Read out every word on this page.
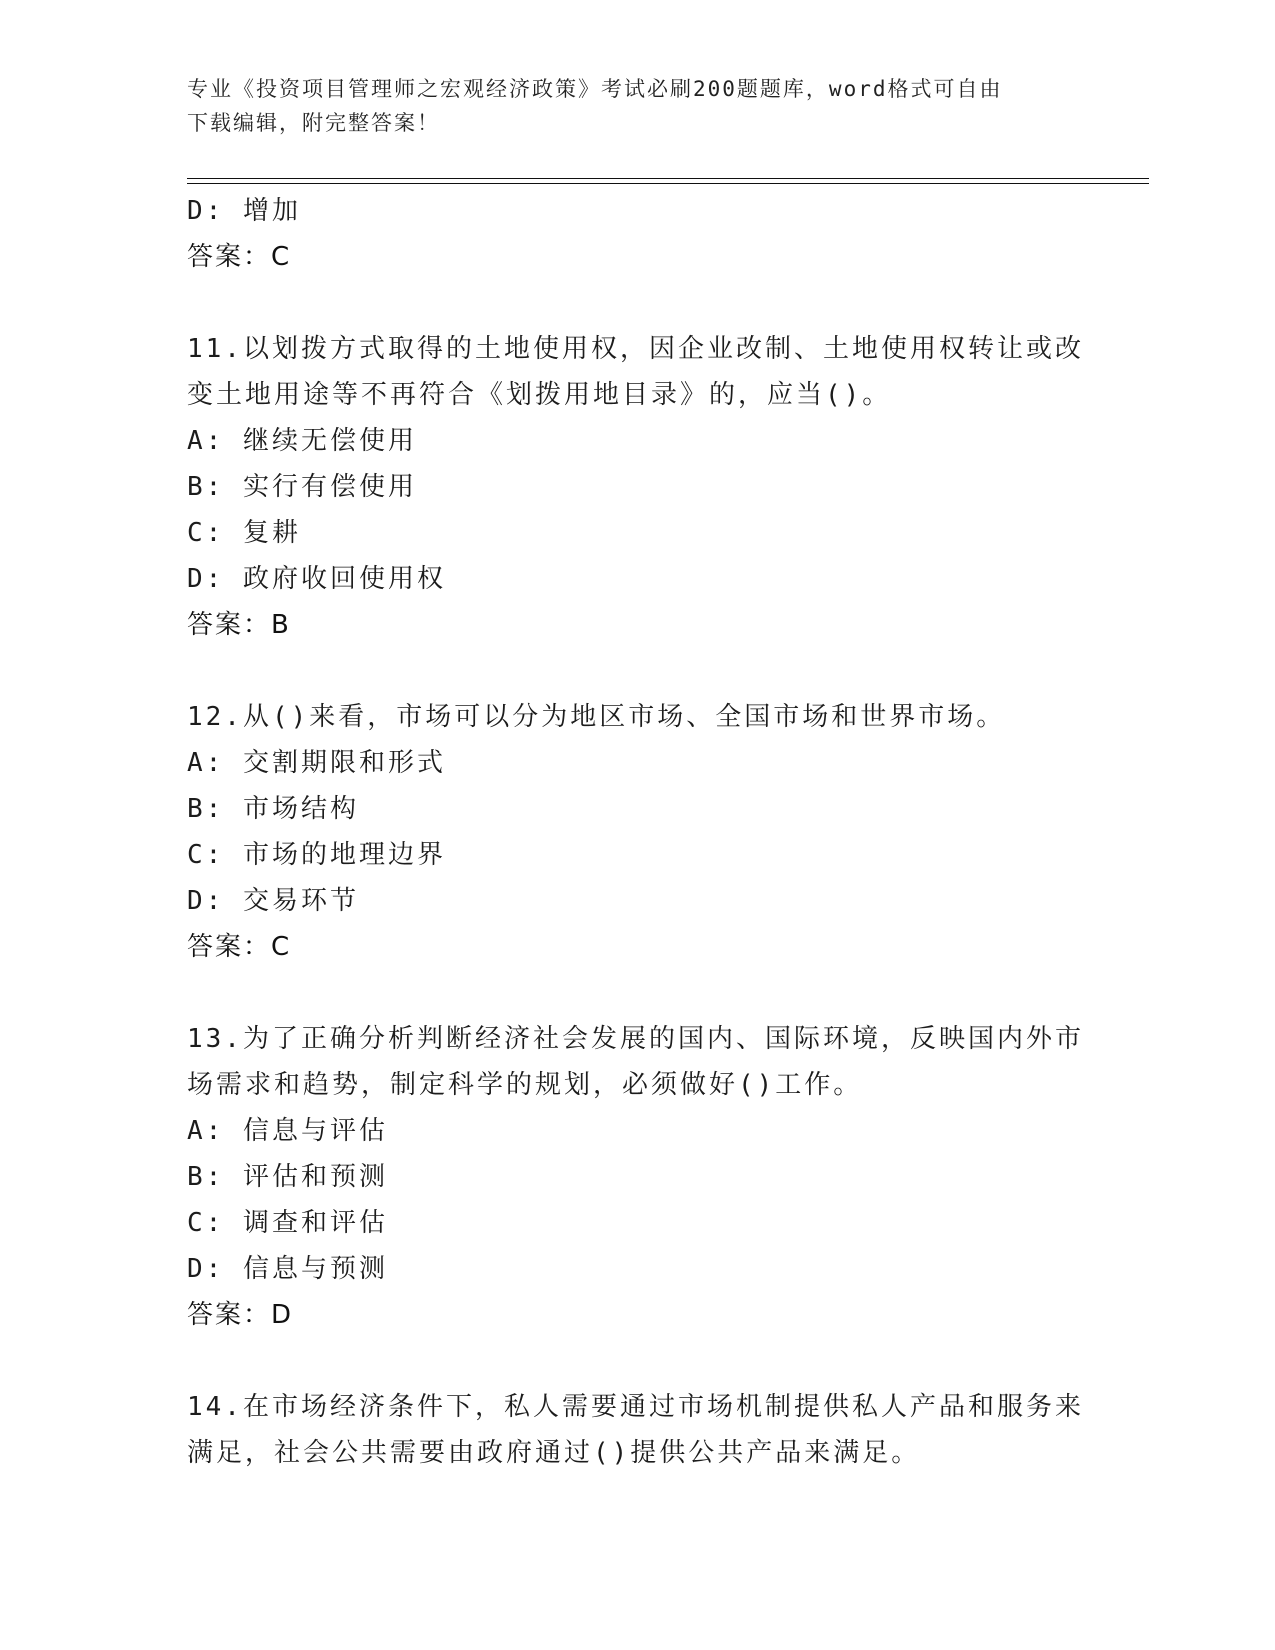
专业《投资项目管理师之宏观经济政策》考试必刷200题题库，word格式可自由
下载编辑，附完整答案！
D: 增加
答案：C
11.以划拨方式取得的土地使用权，因企业改制、土地使用权转让或改
变土地用途等不再符合《划拨用地目录》的，应当()。
A: 继续无偿使用
B: 实行有偿使用
C: 复耕
D: 政府收回使用权
答案：B
12.从()来看，市场可以分为地区市场、全国市场和世界市场。
A: 交割期限和形式
B: 市场结构
C: 市场的地理边界
D: 交易环节
答案：C
13.为了正确分析判断经济社会发展的国内、国际环境，反映国内外市
场需求和趋势，制定科学的规划，必须做好()工作。
A: 信息与评估
B: 评估和预测
C: 调查和评估
D: 信息与预测
答案：D
14.在市场经济条件下，私人需要通过市场机制提供私人产品和服务来
满足，社会公共需要由政府通过()提供公共产品来满足。
